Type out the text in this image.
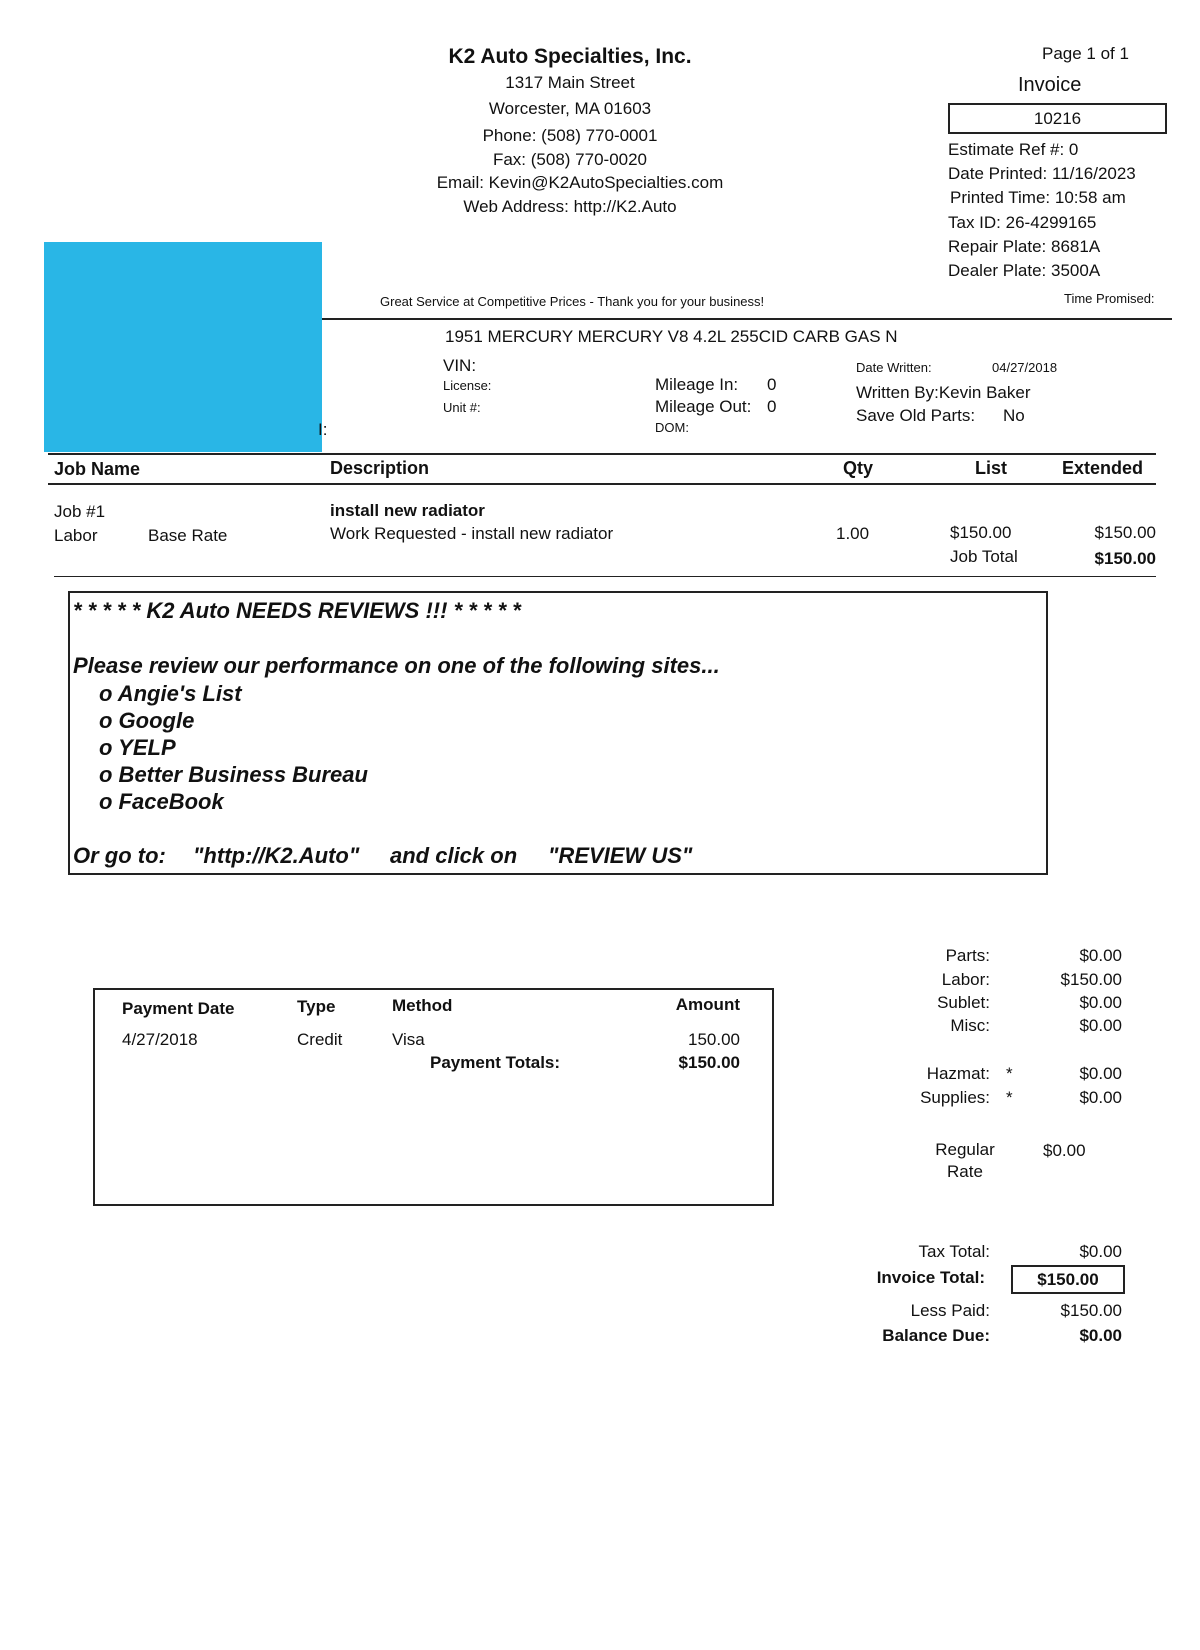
K2 Auto Specialties, Inc.
1317 Main Street
Worcester, MA 01603
Phone: (508) 770-0001
Fax: (508) 770-0020
Email: Kevin@K2AutoSpecialties.com
Web Address: http://K2.Auto
Page 1 of 1
Invoice
10216
Estimate Ref #: 0
Date Printed: 11/16/2023
Printed Time: 10:58 am
Tax ID: 26-4299165
Repair Plate: 8681A
Dealer Plate: 3500A
Great Service at Competitive Prices - Thank you for your business!	Time Promised:
1951 MERCURY MERCURY V8 4.2L 255CID CARB GAS N
VIN:
License:
Unit #:
I:
Mileage In: 0
Mileage Out: 0
DOM:
Date Written:	04/27/2018
Written By:Kevin Baker
Save Old Parts: No
Job Name	Description	Qty	List	Extended
Job #1	install new radiator
Labor	Base Rate	Work Requested - install new radiator	1.00	$150.00	$150.00
Job Total	$150.00
* * * * * K2 Auto NEEDS REVIEWS !!! * * * * *
Please review our performance on one of the following sites...
o Angie's List
o Google
o YELP
o Better Business Bureau
o FaceBook
Or go to: "http://K2.Auto" and click on "REVIEW US"
Payment Date	Type	Method	Amount
4/27/2018	Credit	Visa	150.00
Payment Totals:	$150.00
Parts:	$0.00
Labor:	$150.00
Sublet:	$0.00
Misc:	$0.00
Hazmat: *	$0.00
Supplies: *	$0.00
Regular
Rate
$0.00
Tax Total:	$0.00
Invoice Total:	$150.00
Less Paid:	$150.00
Balance Due:	$0.00
